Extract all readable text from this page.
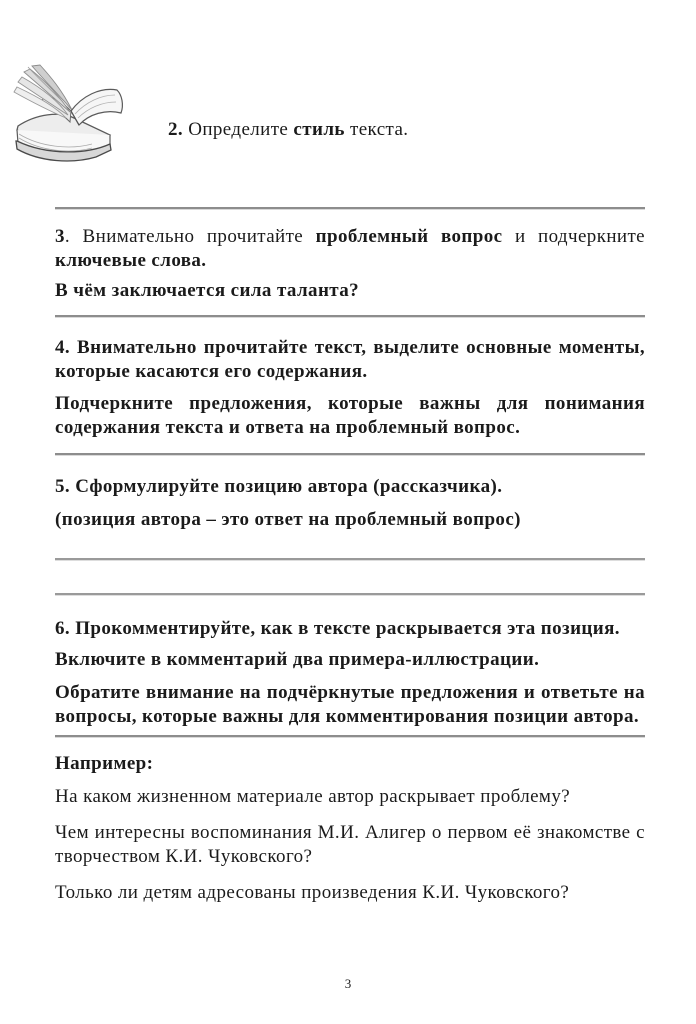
2. Определите стиль текста.

3. Внимательно прочитайте проблемный вопрос и подчеркните ключевые слова.

В чём заключается сила таланта?

4. Внимательно прочитайте текст, выделите основные моменты, которые касаются его содержания.

Подчеркните предложения, которые важны для понимания содержания текста и ответа на проблемный вопрос.

5. Сформулируйте позицию автора (рассказчика).

(позиция автора – это ответ на проблемный вопрос)

6. Прокомментируйте, как в тексте раскрывается эта позиция.

Включите в комментарий два примера-иллюстрации.

Обратите внимание на подчёркнутые предложения и ответьте на вопросы, которые важны для комментирования позиции автора.

Например:

На каком жизненном материале автор раскрывает проблему?

Чем интересны воспоминания М.И. Алигер о первом её знакомстве с творчеством К.И. Чуковского?

Только ли детям адресованы произведения К.И. Чуковского?

3
